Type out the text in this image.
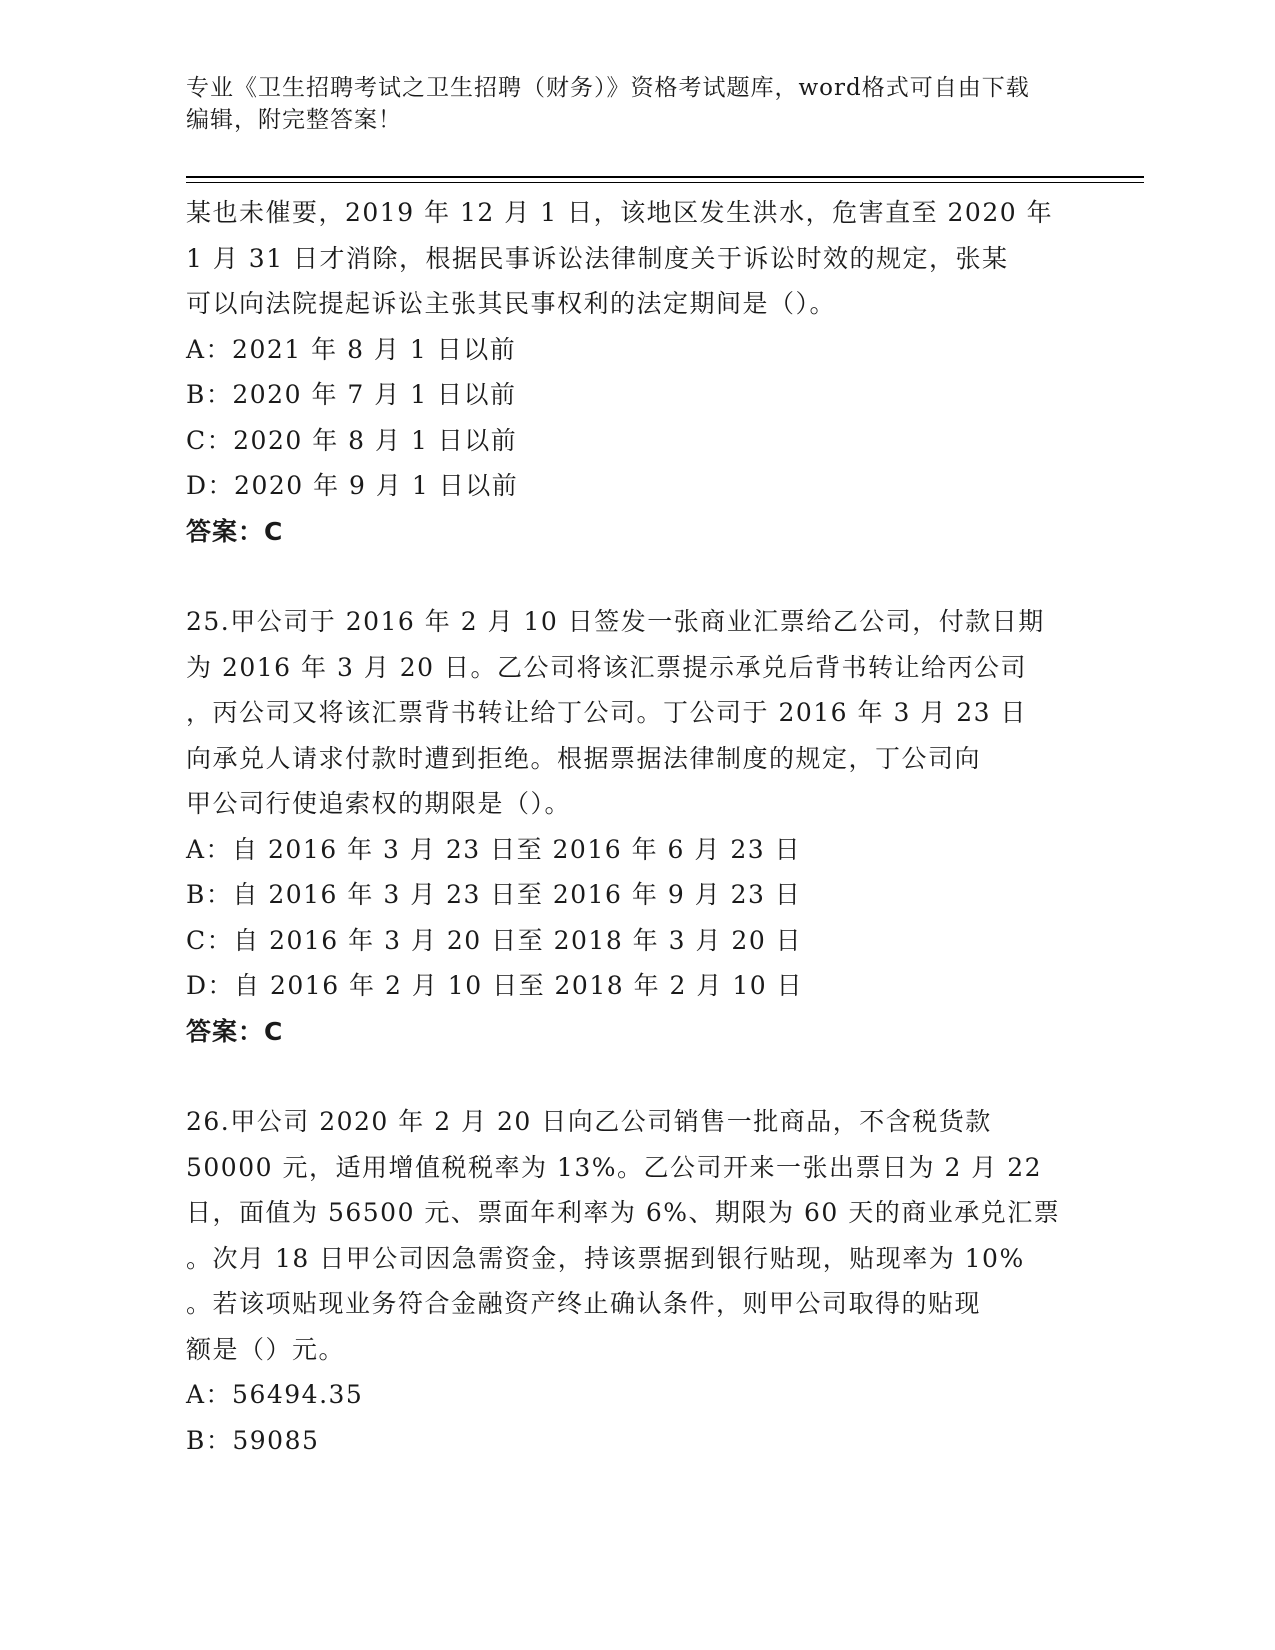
专业《卫生招聘考试之卫生招聘（财务）》资格考试题库，word格式可自由下载
编辑，附完整答案！
某也未催要，2019 年 12 月 1 日，该地区发生洪水，危害直至 2020 年
1 月 31 日才消除，根据民事诉讼法律制度关于诉讼时效的规定，张某
可以向法院提起诉讼主张其民事权利的法定期间是（）。
A：2021 年 8 月 1 日以前
B：2020 年 7 月 1 日以前
C：2020 年 8 月 1 日以前
D：2020 年 9 月 1 日以前
答案：C
25.甲公司于 2016 年 2 月 10 日签发一张商业汇票给乙公司，付款日期
为 2016 年 3 月 20 日。乙公司将该汇票提示承兑后背书转让给丙公司
，丙公司又将该汇票背书转让给丁公司。丁公司于 2016 年 3 月 23 日
向承兑人请求付款时遭到拒绝。根据票据法律制度的规定，丁公司向
甲公司行使追索权的期限是（）。
A：自 2016 年 3 月 23 日至 2016 年 6 月 23 日
B：自 2016 年 3 月 23 日至 2016 年 9 月 23 日
C：自 2016 年 3 月 20 日至 2018 年 3 月 20 日
D：自 2016 年 2 月 10 日至 2018 年 2 月 10 日
答案：C
26.甲公司 2020 年 2 月 20 日向乙公司销售一批商品，不含税货款
50000 元，适用增值税税率为 13%。乙公司开来一张出票日为 2 月 22
日，面值为 56500 元、票面年利率为 6%、期限为 60 天的商业承兑汇票
。次月 18 日甲公司因急需资金，持该票据到银行贴现，贴现率为 10%
。若该项贴现业务符合金融资产终止确认条件，则甲公司取得的贴现
额是（）元。
A：56494.35
B：59085
